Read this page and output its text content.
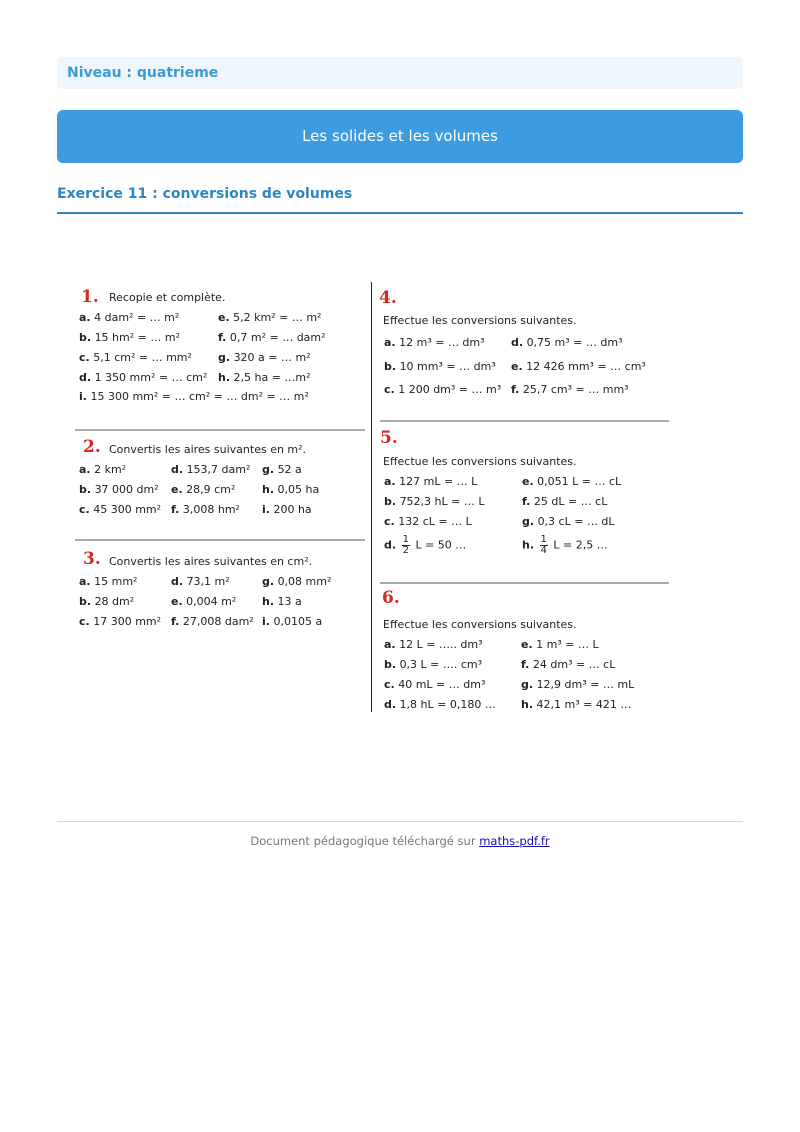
Niveau : quatrieme
Les solides et les volumes
Exercice 11 : conversions de volumes
1. Recopie et complète.
a. 4 dam² = … m²	e. 5,2 km² = … m²
b. 15 hm² = … m²	f. 0,7 m² = … dam²
c. 5,1 cm² = … mm² g. 320 a = … m²
d. 1 350 mm² = … cm² h. 2,5 ha = …m²
i. 15 300 mm² = … cm² = … dm² = … m²
2. Convertis les aires suivantes en m².
a. 2 km²	d. 153,7 dam² g. 52 a
b. 37 000 dm² e. 28,9 cm² h. 0,05 ha
c. 45 300 mm² f. 3,008 hm² i. 200 ha
3. Convertis les aires suivantes en cm².
a. 15 mm²	d. 73,1 m²	g. 0,08 mm²
b. 28 dm²	e. 0,004 m² h. 13 a
c. 17 300 mm² f. 27,008 dam² i. 0,0105 a
4.
Effectue les conversions suivantes.
a. 12 m³ = … dm³ d. 0,75 m³ = … dm³
b. 10 mm³ = … dm³ e. 12 426 mm³ = … cm³
c. 1 200 dm³ = … m³ f. 25,7 cm³ = … mm³
5.
Effectue les conversions suivantes.
a. 127 mL = … L	e. 0,051 L = … cL
b. 752,3 hL = … L	f. 25 dL = … cL
c. 132 cL = … L	g. 0,3 cL = … dL
d. $\frac{1}{2}$ L = 50 …	h. $\frac{1}{4}$ L = 2,5 …
6.
Effectue les conversions suivantes.
a. 12 L = ….. dm³	e. 1 m³ = … L
b. 0,3 L = …. cm³	f. 24 dm³ = … cL
c. 40 mL = … dm³	g. 12,9 dm³ = … mL
d. 1,8 hL = 0,180 … h. 42,1 m³ = 421 …
Document pédagogique téléchargé sur maths-pdf.fr
